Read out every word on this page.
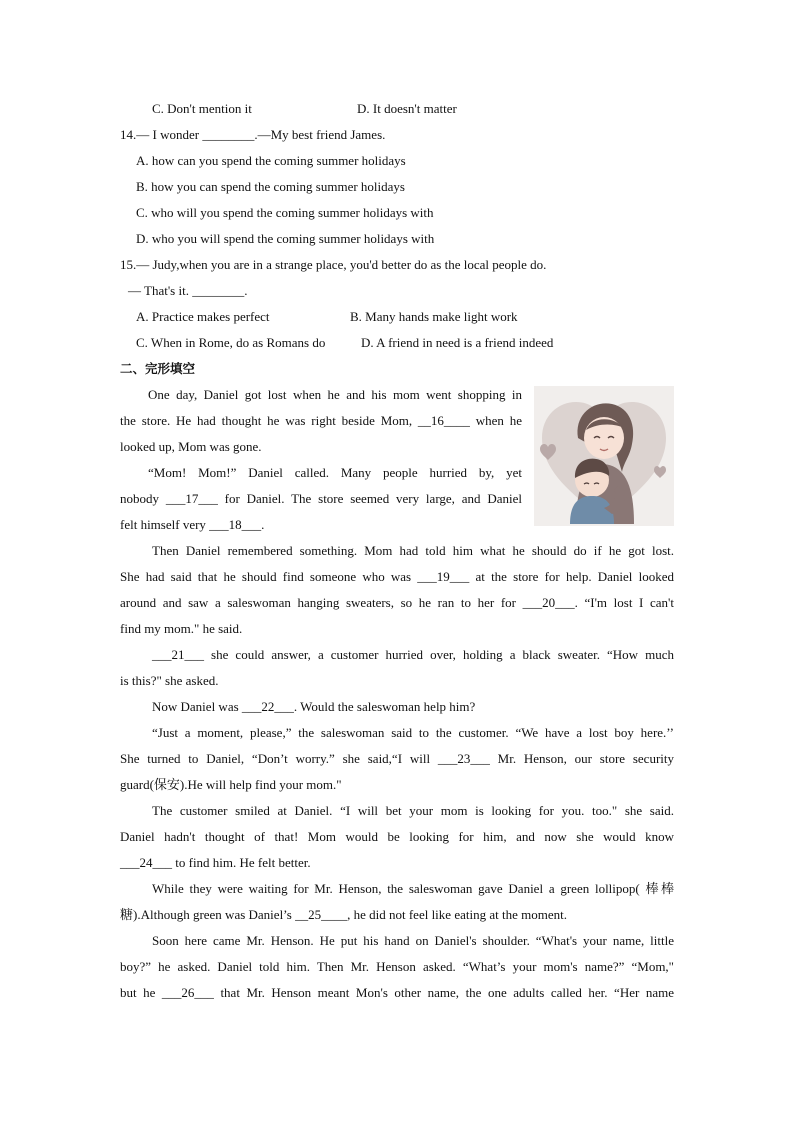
C. Don't mention it	D. It doesn't matter
14.— I wonder ________.—My best friend James.
A. how can you spend the coming summer holidays
B. how you can spend the coming summer holidays
C. who will you spend the coming summer holidays with
D. who you will spend the coming summer holidays with
15.— Judy,when you are in a strange place, you'd better do as the local people do.
— That's it. ________.
A. Practice makes perfect	B. Many hands make light work
C. When in Rome, do as Romans do	D. A friend in need is a friend indeed
二、完形填空
One day, Daniel got lost when he and his mom went shopping in
the store. He had thought he was right beside Mom, __16____ when he
looked up, Mom was gone.
“Mom! Mom!” Daniel called. Many people hurried by, yet
nobody ___17___ for Daniel. The store seemed very large, and Daniel
felt himself very ___18___.
Then Daniel remembered something. Mom had told him what he should do if he got lost.
She had said that he should find someone who was ___19___ at the store for help. Daniel looked
around and saw a saleswoman hanging sweaters, so he ran to her for ___20___. “I'm lost I can't
find my mom." he said.
___21___ she could answer, a customer hurried over, holding a black sweater. “How much
is this?" she asked.
Now Daniel was ___22___. Would the saleswoman help him?
“Just a moment, please,” the saleswoman said to the customer. “We have a lost boy here.’’
She turned to Daniel, “Don’t worry.” she said,“I will ___23___ Mr. Henson, our store security
guard(保安).He will help find your mom."
The customer smiled at Daniel. “I will bet your mom is looking for you. too." she said.
Daniel hadn't thought of that! Mom would be looking for him, and now she would know
___24___ to find him. He felt better.
While they were waiting for Mr. Henson, the saleswoman gave Daniel a green lollipop( 棒棒
糖).Although green was Daniel’s __25____, he did not feel like eating at the moment.
Soon here came Mr. Henson. He put his hand on Daniel's shoulder. “What's your name, little
boy?” he asked. Daniel told him. Then Mr. Henson asked. “What’s your mom's name?” “Mom,"
but he ___26___ that Mr. Henson meant Mon's other name, the one adults called her. “Her name
